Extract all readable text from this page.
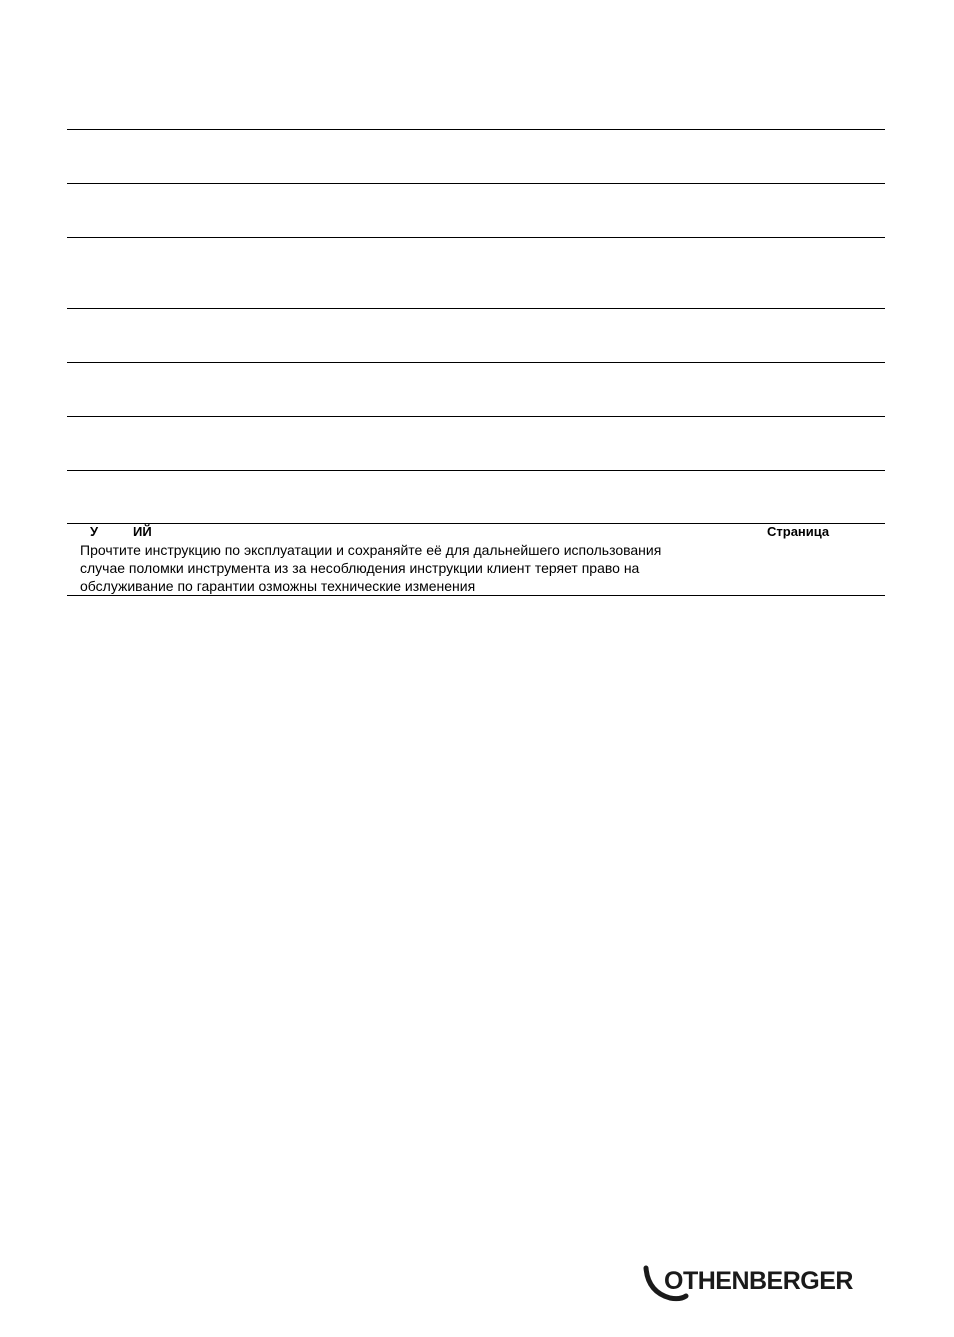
У	ИЙ	Страница
Прочтите инструкцию по эксплуатации и сохраняйте её для дальнейшего использования
случае поломки инструмента из за несоблюдения инструкции клиент теряет право на
обслуживание по гарантии озможны технические изменения
OTHENBERGER
